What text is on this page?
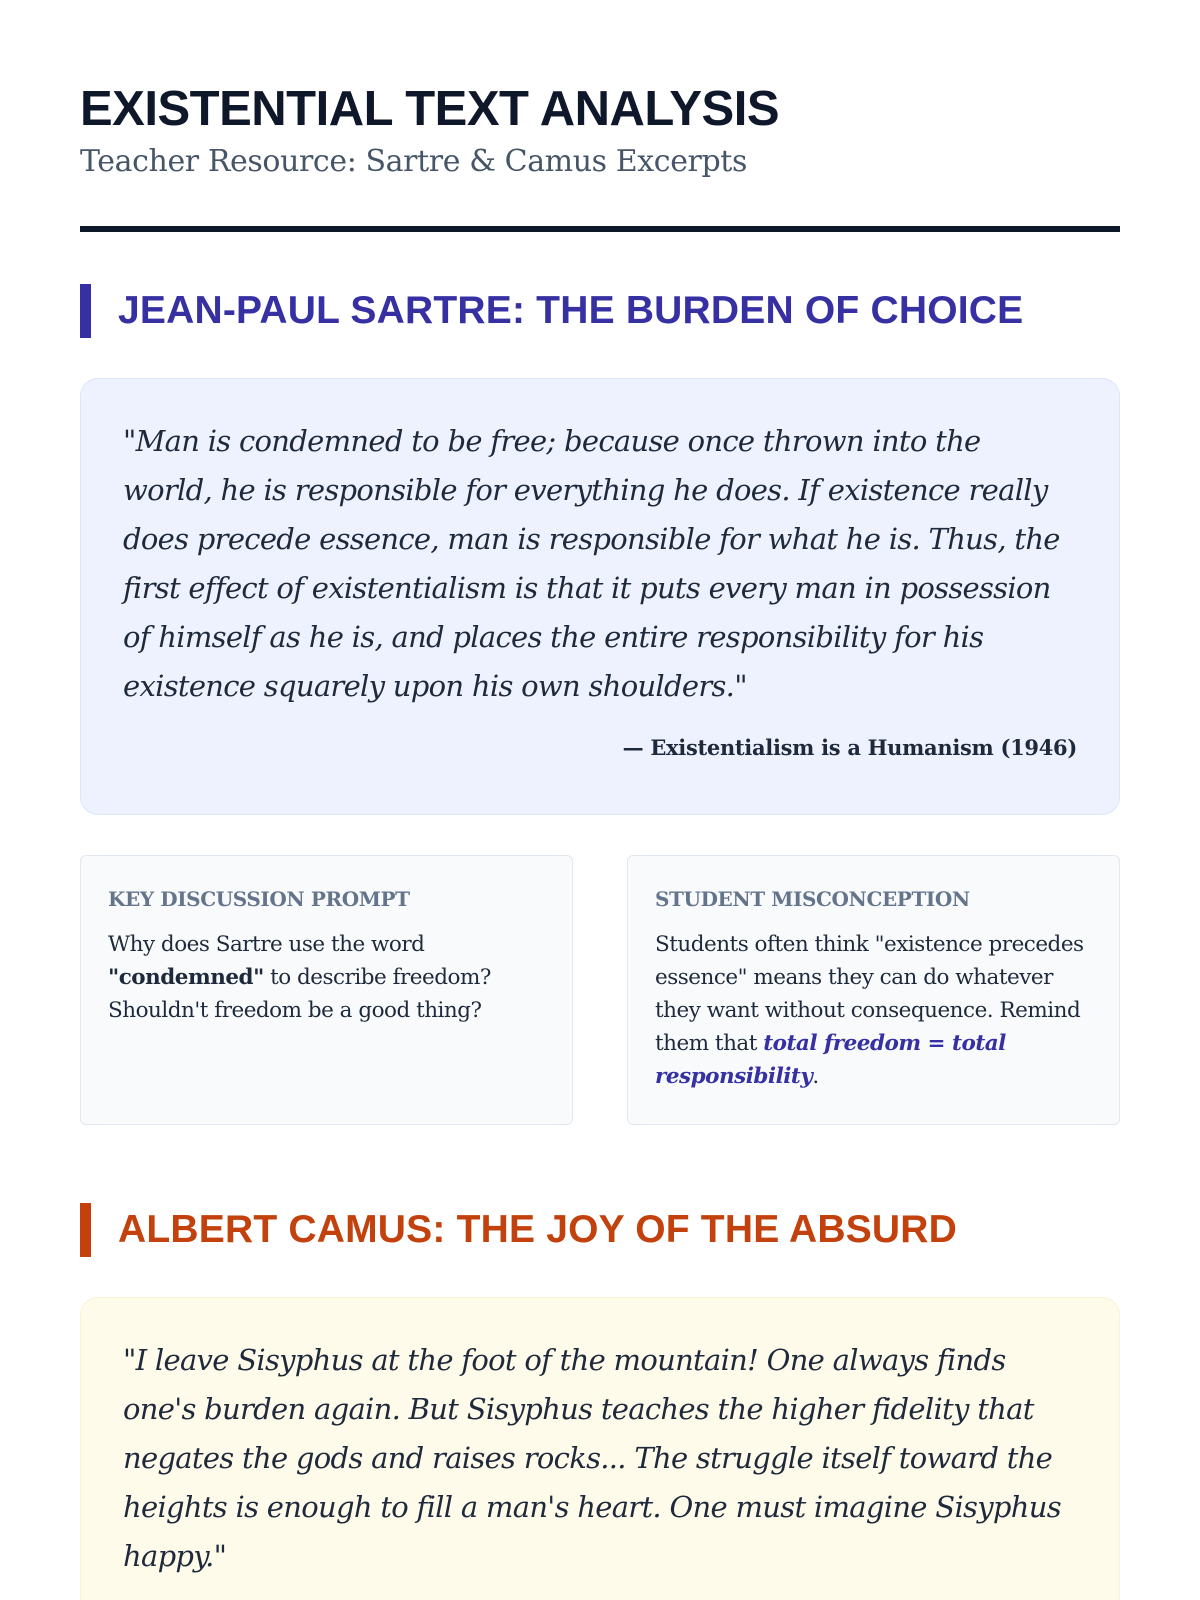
EXISTENTIAL TEXT ANALYSIS
Teacher Resource: Sartre & Camus Excerpts
JEAN-PAUL SARTRE: THE BURDEN OF CHOICE

"Man is condemned to be free; because once thrown into the world, he is responsible for everything he does. If existence really does precede essence, man is responsible for what he is. Thus, the first effect of existentialism is that it puts every man in possession of himself as he is, and places the entire responsibility for his existence squarely upon his own shoulders."

— Existentialism is a Humanism (1946)
KEY DISCUSSION PROMPT
Why does Sartre use the word "condemned" to describe freedom? Shouldn't freedom be a good thing?
STUDENT MISCONCEPTION
Students often think "existence precedes essence" means they can do whatever they want without consequence. Remind them that total freedom = total responsibility.
ALBERT CAMUS: THE JOY OF THE ABSURD

"I leave Sisyphus at the foot of the mountain! One always finds one's burden again. But Sisyphus teaches the higher fidelity that negates the gods and raises rocks... The struggle itself toward the heights is enough to fill a man's heart. One must imagine Sisyphus happy."
